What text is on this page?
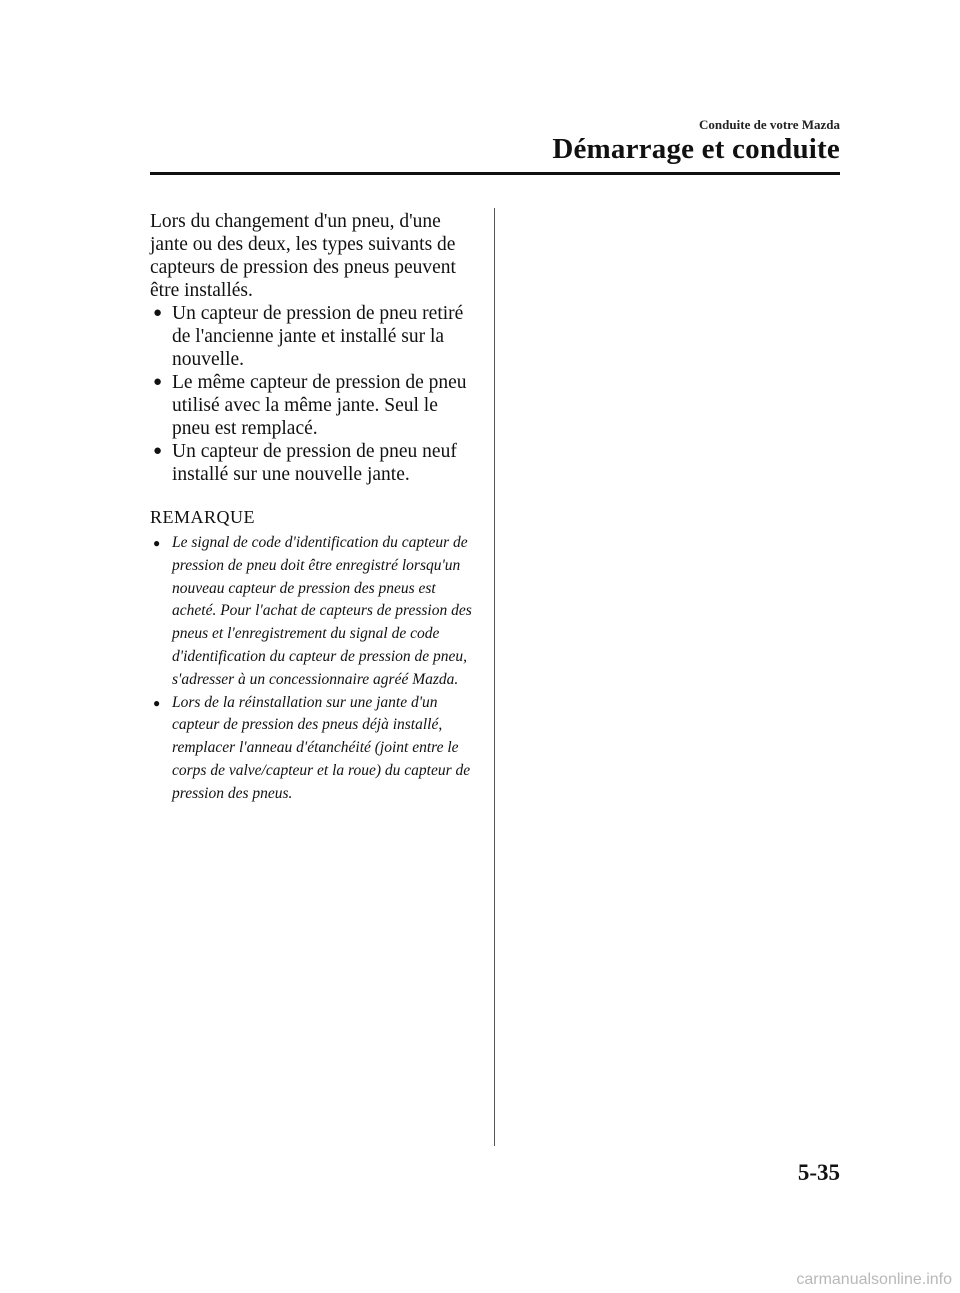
Conduite de votre Mazda
Démarrage et conduite

Lors du changement d'un pneu, d'une jante ou des deux, les types suivants de capteurs de pression des pneus peuvent être installés.

● Un capteur de pression de pneu retiré de l'ancienne jante et installé sur la nouvelle.
● Le même capteur de pression de pneu utilisé avec la même jante. Seul le pneu est remplacé.
● Un capteur de pression de pneu neuf installé sur une nouvelle jante.
REMARQUE
● Le signal de code d'identification du capteur de pression de pneu doit être enregistré lorsqu'un nouveau capteur de pression des pneus est acheté. Pour l'achat de capteurs de pression des pneus et l'enregistrement du signal de code d'identification du capteur de pression de pneu, s'adresser à un concessionnaire agréé Mazda.
● Lors de la réinstallation sur une jante d'un capteur de pression des pneus déjà installé, remplacer l'anneau d'étanchéité (joint entre le corps de valve/capteur et la roue) du capteur de pression des pneus.
5-35
carmanualsonline.info
